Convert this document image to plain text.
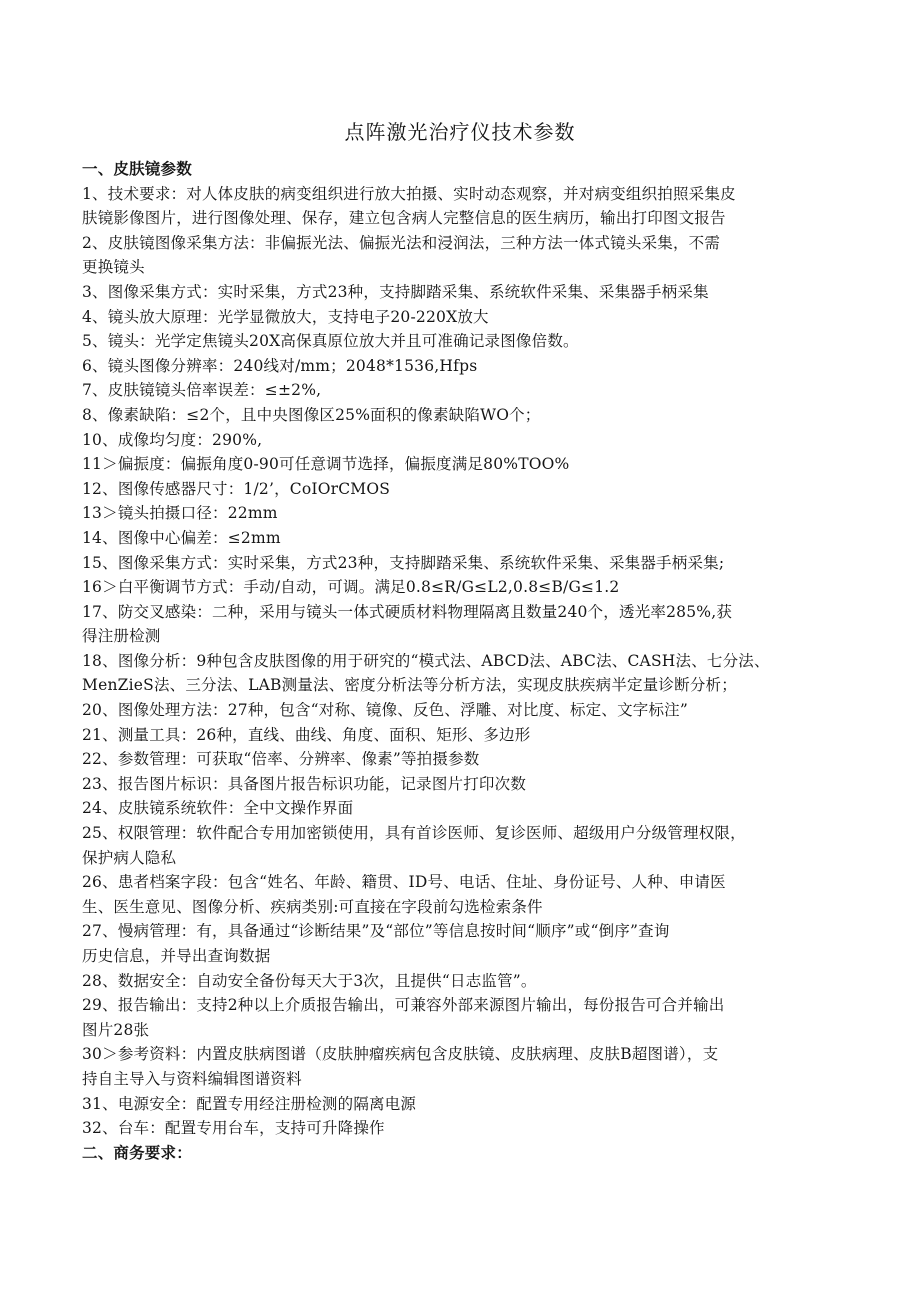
点阵激光治疗仪技术参数
一、皮肤镜参数
1、技术要求：对人体皮肤的病变组织进行放大拍摄、实时动态观察，并对病变组织拍照采集皮
肤镜影像图片，进行图像处理、保存，建立包含病人完整信息的医生病历，输出打印图文报告
2、皮肤镜图像采集方法：非偏振光法、偏振光法和浸润法，三种方法一体式镜头采集，不需
更换镜头
3、图像采集方式：实时采集，方式23种，支持脚踏采集、系统软件采集、采集器手柄采集
4、镜头放大原理：光学显微放大，支持电子20-220X放大
5、镜头：光学定焦镜头20X高保真原位放大并且可准确记录图像倍数。
6、镜头图像分辨率：240线对/mm；2048*1536,Hfps
7、皮肤镜镜头倍率误差：≤±2%,
8、像素缺陷：≤2个，且中央图像区25%面积的像素缺陷WO个；
10、成像均匀度：290%,
11＞偏振度：偏振角度0-90可任意调节选择，偏振度满足80%TOO%
12、图像传感器尺寸：1/2’，CoIOrCMOS
13＞镜头拍摄口径：22mm
14、图像中心偏差：≤2mm
15、图像采集方式：实时采集，方式23种，支持脚踏采集、系统软件采集、采集器手柄采集;
16＞白平衡调节方式：手动/自动，可调。满足0.8≤R/G≤L2,0.8≤B/G≤1.2
17、防交叉感染：二种，采用与镜头一体式硬质材料物理隔离且数量240个，透光率285%,获
得注册检测
18、图像分析：9种包含皮肤图像的用于研究的“模式法、ABCD法、ABC法、CASH法、七分法、
MenZieS法、三分法、LAB测量法、密度分析法等分析方法，实现皮肤疾病半定量诊断分析；
20、图像处理方法：27种，包含“对称、镜像、反色、浮雕、对比度、标定、文字标注”
21、测量工具：26种，直线、曲线、角度、面积、矩形、多边形
22、参数管理：可获取“倍率、分辨率、像素”等拍摄参数
23、报告图片标识：具备图片报告标识功能，记录图片打印次数
24、皮肤镜系统软件：全中文操作界面
25、权限管理：软件配合专用加密锁使用，具有首诊医师、复诊医师、超级用户分级管理权限，
保护病人隐私
26、患者档案字段：包含“姓名、年龄、籍贯、ID号、电话、住址、身份证号、人种、申请医
生、医生意见、图像分析、疾病类别:可直接在字段前勾选检索条件
27、慢病管理：有，具备通过“诊断结果”及“部位”等信息按时间“顺序”或“倒序”查询
历史信息，并导出查询数据
28、数据安全：自动安全备份每天大于3次，且提供“日志监管”。
29、报告输出：支持2种以上介质报告输出，可兼容外部来源图片输出，每份报告可合并输出
图片28张
30＞参考资料：内置皮肤病图谱（皮肤肿瘤疾病包含皮肤镜、皮肤病理、皮肤B超图谱），支
持自主导入与资料编辑图谱资料
31、电源安全：配置专用经注册检测的隔离电源
32、台车：配置专用台车，支持可升降操作
二、商务要求：
